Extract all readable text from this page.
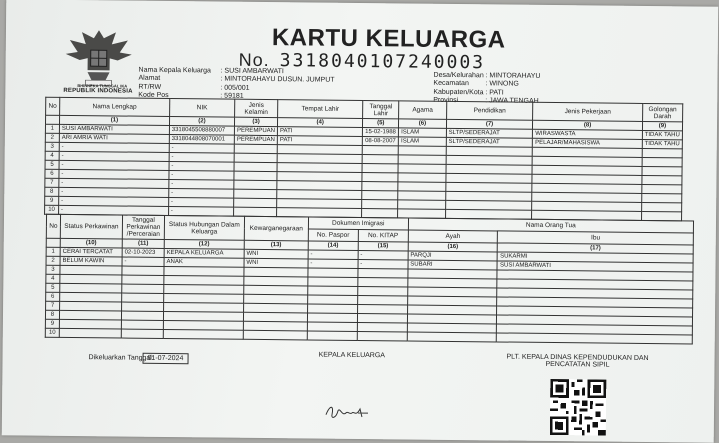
BHINNEKA TUNGGAL IKA
REPUBLIK INDONESIA
KARTU KELUARGA
No. 3318040107240003
Nama Kepala Keluarga : SUSI AMBARWATI
Alamat	: MINTORAHAYU DUSUN. JUMPUT
RT/RW	: 005/001
Kode Pos	: 59181
Desa/Kelurahan : MINTORAHAYU
Kecamatan : WINONG
Kabupaten/Kota : PATI
Provinsi	: JAWA TENGAH
No	Nama Lengkap	NIK	Jenis Kelamin	Tempat Lahir	Tanggal Lahir	Agama	Pendidikan	Jenis Pekerjaan	Golongan Darah
	(1)	(2)	(3)	(4)	(5)	(6)	(7)	(8)	(9)
1	SUSI AMBARWATI	3318045508880007	PEREMPUAN	PATI	15-02-1988	ISLAM	SLTP/SEDERAJAT	WIRASWASTA	TIDAK TAHU
2	ARI AMRIA WATI	3318044808070001	PEREMPUAN	PATI	08-08-2007	ISLAM	SLTP/SEDERAJAT	PELAJAR/MAHASISWA	TIDAK TAHU
3	-	-							
4	-	-							
5	-	-							
6	-	-							
7	-	-							
8	-	-							
9	-	-							
10	-	-							
No	Status Perkawinan	Tanggal Perkawinan /Perceraian	Status Hubungan Dalam Keluarga	Kewarganegaraan	Dokumen Imigrasi		Nama Orang Tua	
					No. Paspor	No. KITAP	Ayah	Ibu
	(10)	(11)	(12)	(13)	(14)	(15)	(16)	(17)
1	CERAI TERCATAT	02-10-2023	KEPALA KELUARGA	WNI	-	-	PARQJI	SUKARMI
2	BELUM KAWIN	-	ANAK	WNI	-	-	SUBARI	SUSI AMBARWATI
3								
4								
5								
6								
7								
8								
9								
10								
Dikeluarkan Tanggal:
01-07-2024	KEPALA KELUARGA	PLT. KEPALA DINAS KEPENDUDUKAN DAN
PENCATATAN SIPIL
